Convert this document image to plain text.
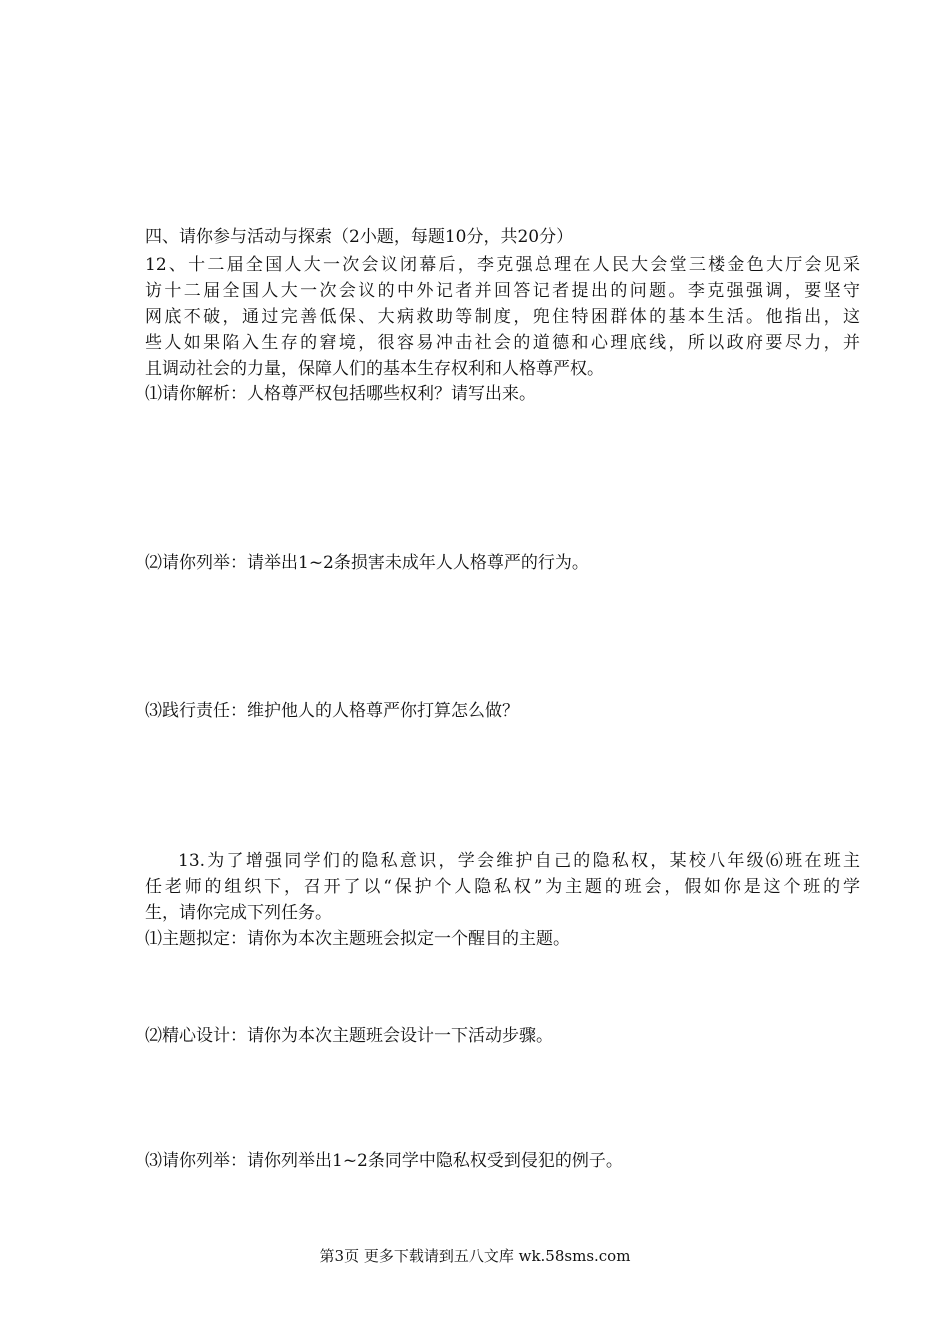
四、请你参与活动与探索（2小题，每题10分，共20分）
12、十二届全国人大一次会议闭幕后，李克强总理在人民大会堂三楼金色大厅会见采
访十二届全国人大一次会议的中外记者并回答记者提出的问题。李克强强调，要坚守
网底不破，通过完善低保、大病救助等制度，兜住特困群体的基本生活。他指出，这
些人如果陷入生存的窘境，很容易冲击社会的道德和心理底线，所以政府要尽力，并
且调动社会的力量，保障人们的基本生存权利和人格尊严权。
⑴请你解析：人格尊严权包括哪些权利？请写出来。
⑵请你列举：请举出1~2条损害未成年人人格尊严的行为。
⑶践行责任：维护他人的人格尊严你打算怎么做？
13.为了增强同学们的隐私意识，学会维护自己的隐私权，某校八年级⑹班在班主
任老师的组织下，召开了以“保护个人隐私权”为主题的班会，假如你是这个班的学
生，请你完成下列任务。
⑴主题拟定：请你为本次主题班会拟定一个醒目的主题。
⑵精心设计：请你为本次主题班会设计一下活动步骤。
⑶请你列举：请你列举出1~2条同学中隐私权受到侵犯的例子。
第3页 更多下载请到五八文库 wk.58sms.com
